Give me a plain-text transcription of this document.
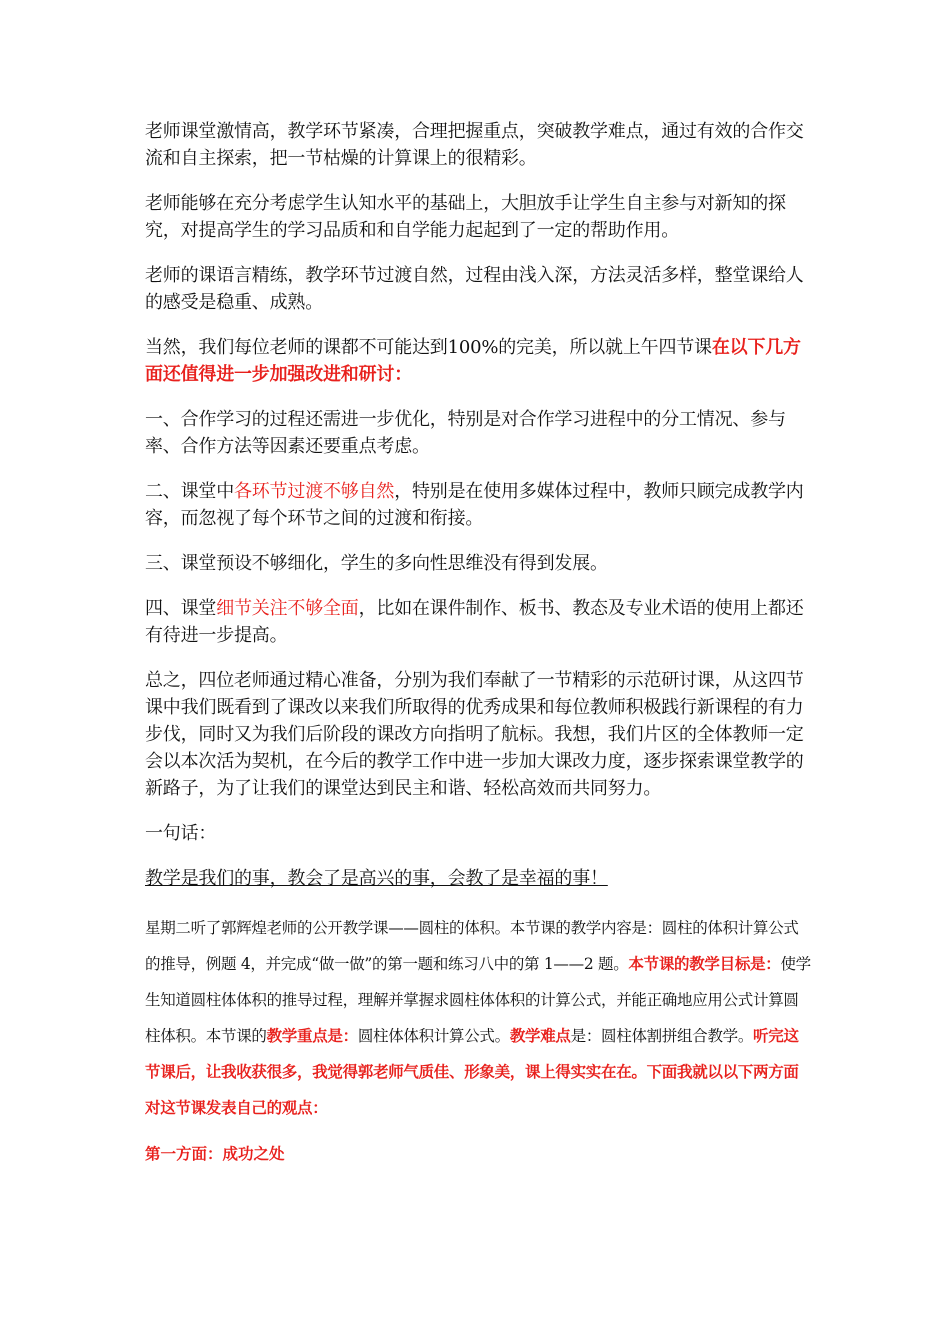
老师课堂激情高，教学环节紧凑，合理把握重点，突破教学难点，通过有效的合作交流和自主探索，把一节枯燥的计算课上的很精彩。

老师能够在充分考虑学生认知水平的基础上，大胆放手让学生自主参与对新知的探究，对提高学生的学习品质和和自学能力起起到了一定的帮助作用。

老师的课语言精练，教学环节过渡自然，过程由浅入深，方法灵活多样，整堂课给人的感受是稳重、成熟。

当然，我们每位老师的课都不可能达到100%的完美，所以就上午四节课在以下几方面还值得进一步加强改进和研讨：

一、合作学习的过程还需进一步优化，特别是对合作学习进程中的分工情况、参与率、合作方法等因素还要重点考虑。

二、课堂中各环节过渡不够自然，特别是在使用多媒体过程中，教师只顾完成教学内容，而忽视了每个环节之间的过渡和衔接。

三、课堂预设不够细化，学生的多向性思维没有得到发展。

四、课堂细节关注不够全面，比如在课件制作、板书、教态及专业术语的使用上都还有待进一步提高。

总之，四位老师通过精心准备，分别为我们奉献了一节精彩的示范研讨课，从这四节课中我们既看到了课改以来我们所取得的优秀成果和每位教师积极践行新课程的有力步伐，同时又为我们后阶段的课改方向指明了航标。我想，我们片区的全体教师一定会以本次活为契机，在今后的教学工作中进一步加大课改力度，逐步探索课堂教学的新路子，为了让我们的课堂达到民主和谐、轻松高效而共同努力。

一句话：

教学是我们的事，教会了是高兴的事，会教了是幸福的事！

星期二听了郭辉煌老师的公开教学课——圆柱的体积。本节课的教学内容是：圆柱的体积计算公式的推导，例题 4，并完成“做一做”的第一题和练习八中的第 1——2 题。本节课的教学目标是：使学生知道圆柱体体积的推导过程，理解并掌握求圆柱体体积的计算公式，并能正确地应用公式计算圆柱体积。本节课的教学重点是：圆柱体体积计算公式。教学难点是：圆柱体割拼组合教学。听完这节课后，让我收获很多，我觉得郭老师气质佳、形象美，课上得实实在在。下面我就以以下两方面对这节课发表自己的观点：

第一方面：成功之处
